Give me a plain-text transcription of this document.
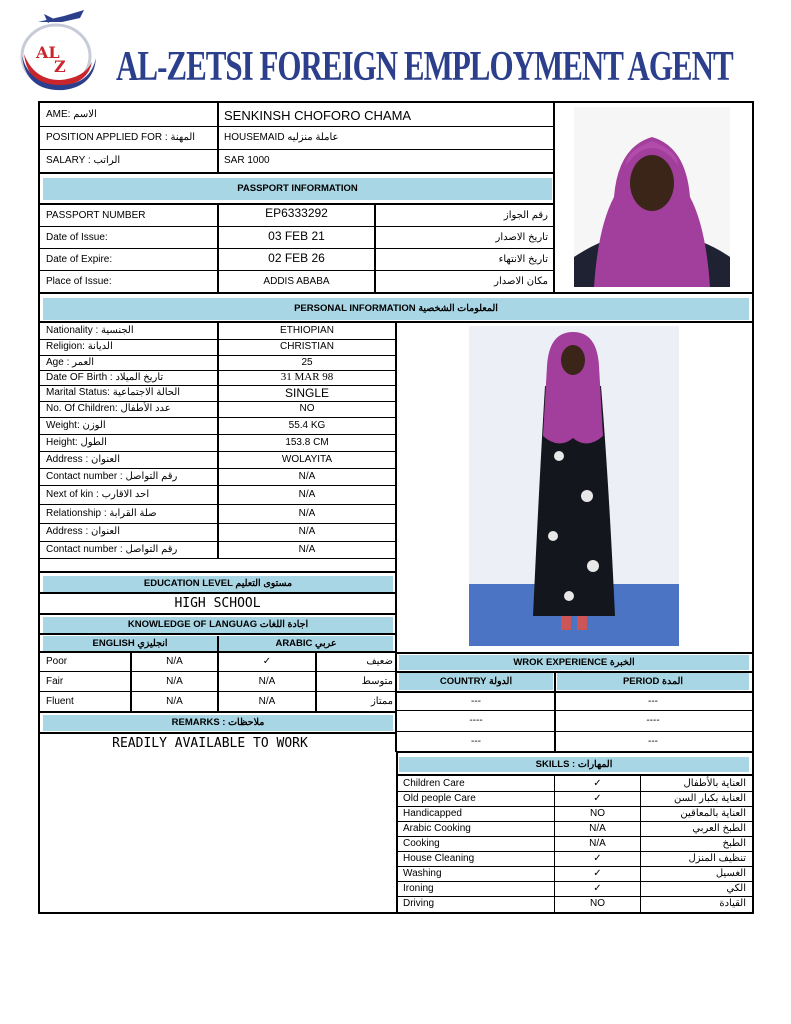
AL
Z AL-ZETSI FOREIGN EMPLOYMENT AGENT
AME: الاسم	SENKINSH CHOFORO CHAMA
POSITION APPLIED FOR : المهنة	HOUSEMAID عاملة منزليه
SALARY : الراتب	SAR 1000
PASSPORT INFORMATION
PASSPORT NUMBER	EP6333292	رقم الجواز
Date of Issue:	03 FEB 21	تاريخ الاصدار
Date of Expire:	02 FEB 26	تاريخ الانتهاء
Place of Issue:	ADDIS ABABA	مكان الاصدار
PERSONAL INFORMATION المعلومات الشخصية
Nationality : الجنسية	ETHIOPIAN
Religion: الديانة	CHRISTIAN
Age : العمر	25
Date OF Birth : تاريخ الميلاد	31 MAR 98
Marital Status: الحالة الاجتماعية	SINGLE
No. Of Children: عدد الأطفال	NO
Weight: الوزن	55.4 KG
Height: الطول	153.8 CM
Address : العنوان	WOLAYITA
Contact number : رقم التواصل	N/A
Next of kin : احد الاقارب	N/A
Relationship : صلة القرابة	N/A
Address : العنوان	N/A
Contact number : رقم التواصل	N/A
EDUCATION LEVEL مستوى التعليم
HIGH SCHOOL
KNOWLEDGE OF LANGUAG اجادة اللغات
ENGLISH انجليزي	ARABIC عربي
Poor	N/A	✓	ضعيف
Fair	N/A	N/A	متوسط
Fluent	N/A	N/A	ممتاز
REMARKS : ملاحظات
READILY AVAILABLE TO WORK
WROK EXPERIENCE الخبرة
COUNTRY الدولة	PERIOD المدة
---	---
----	----
---	---
SKILLS : المهارات
Children Care	✓	العناية بالأطفال
Old people Care	✓	العناية بكبار السن
Handicapped	NO	العناية بالمعاقين
Arabic Cooking	N/A	الطبخ العربي
Cooking	N/A	الطبخ
House Cleaning	✓	تنظيف المنزل
Washing	✓	الغسيل
Ironing	✓	الكي
Driving	NO	القيادة
